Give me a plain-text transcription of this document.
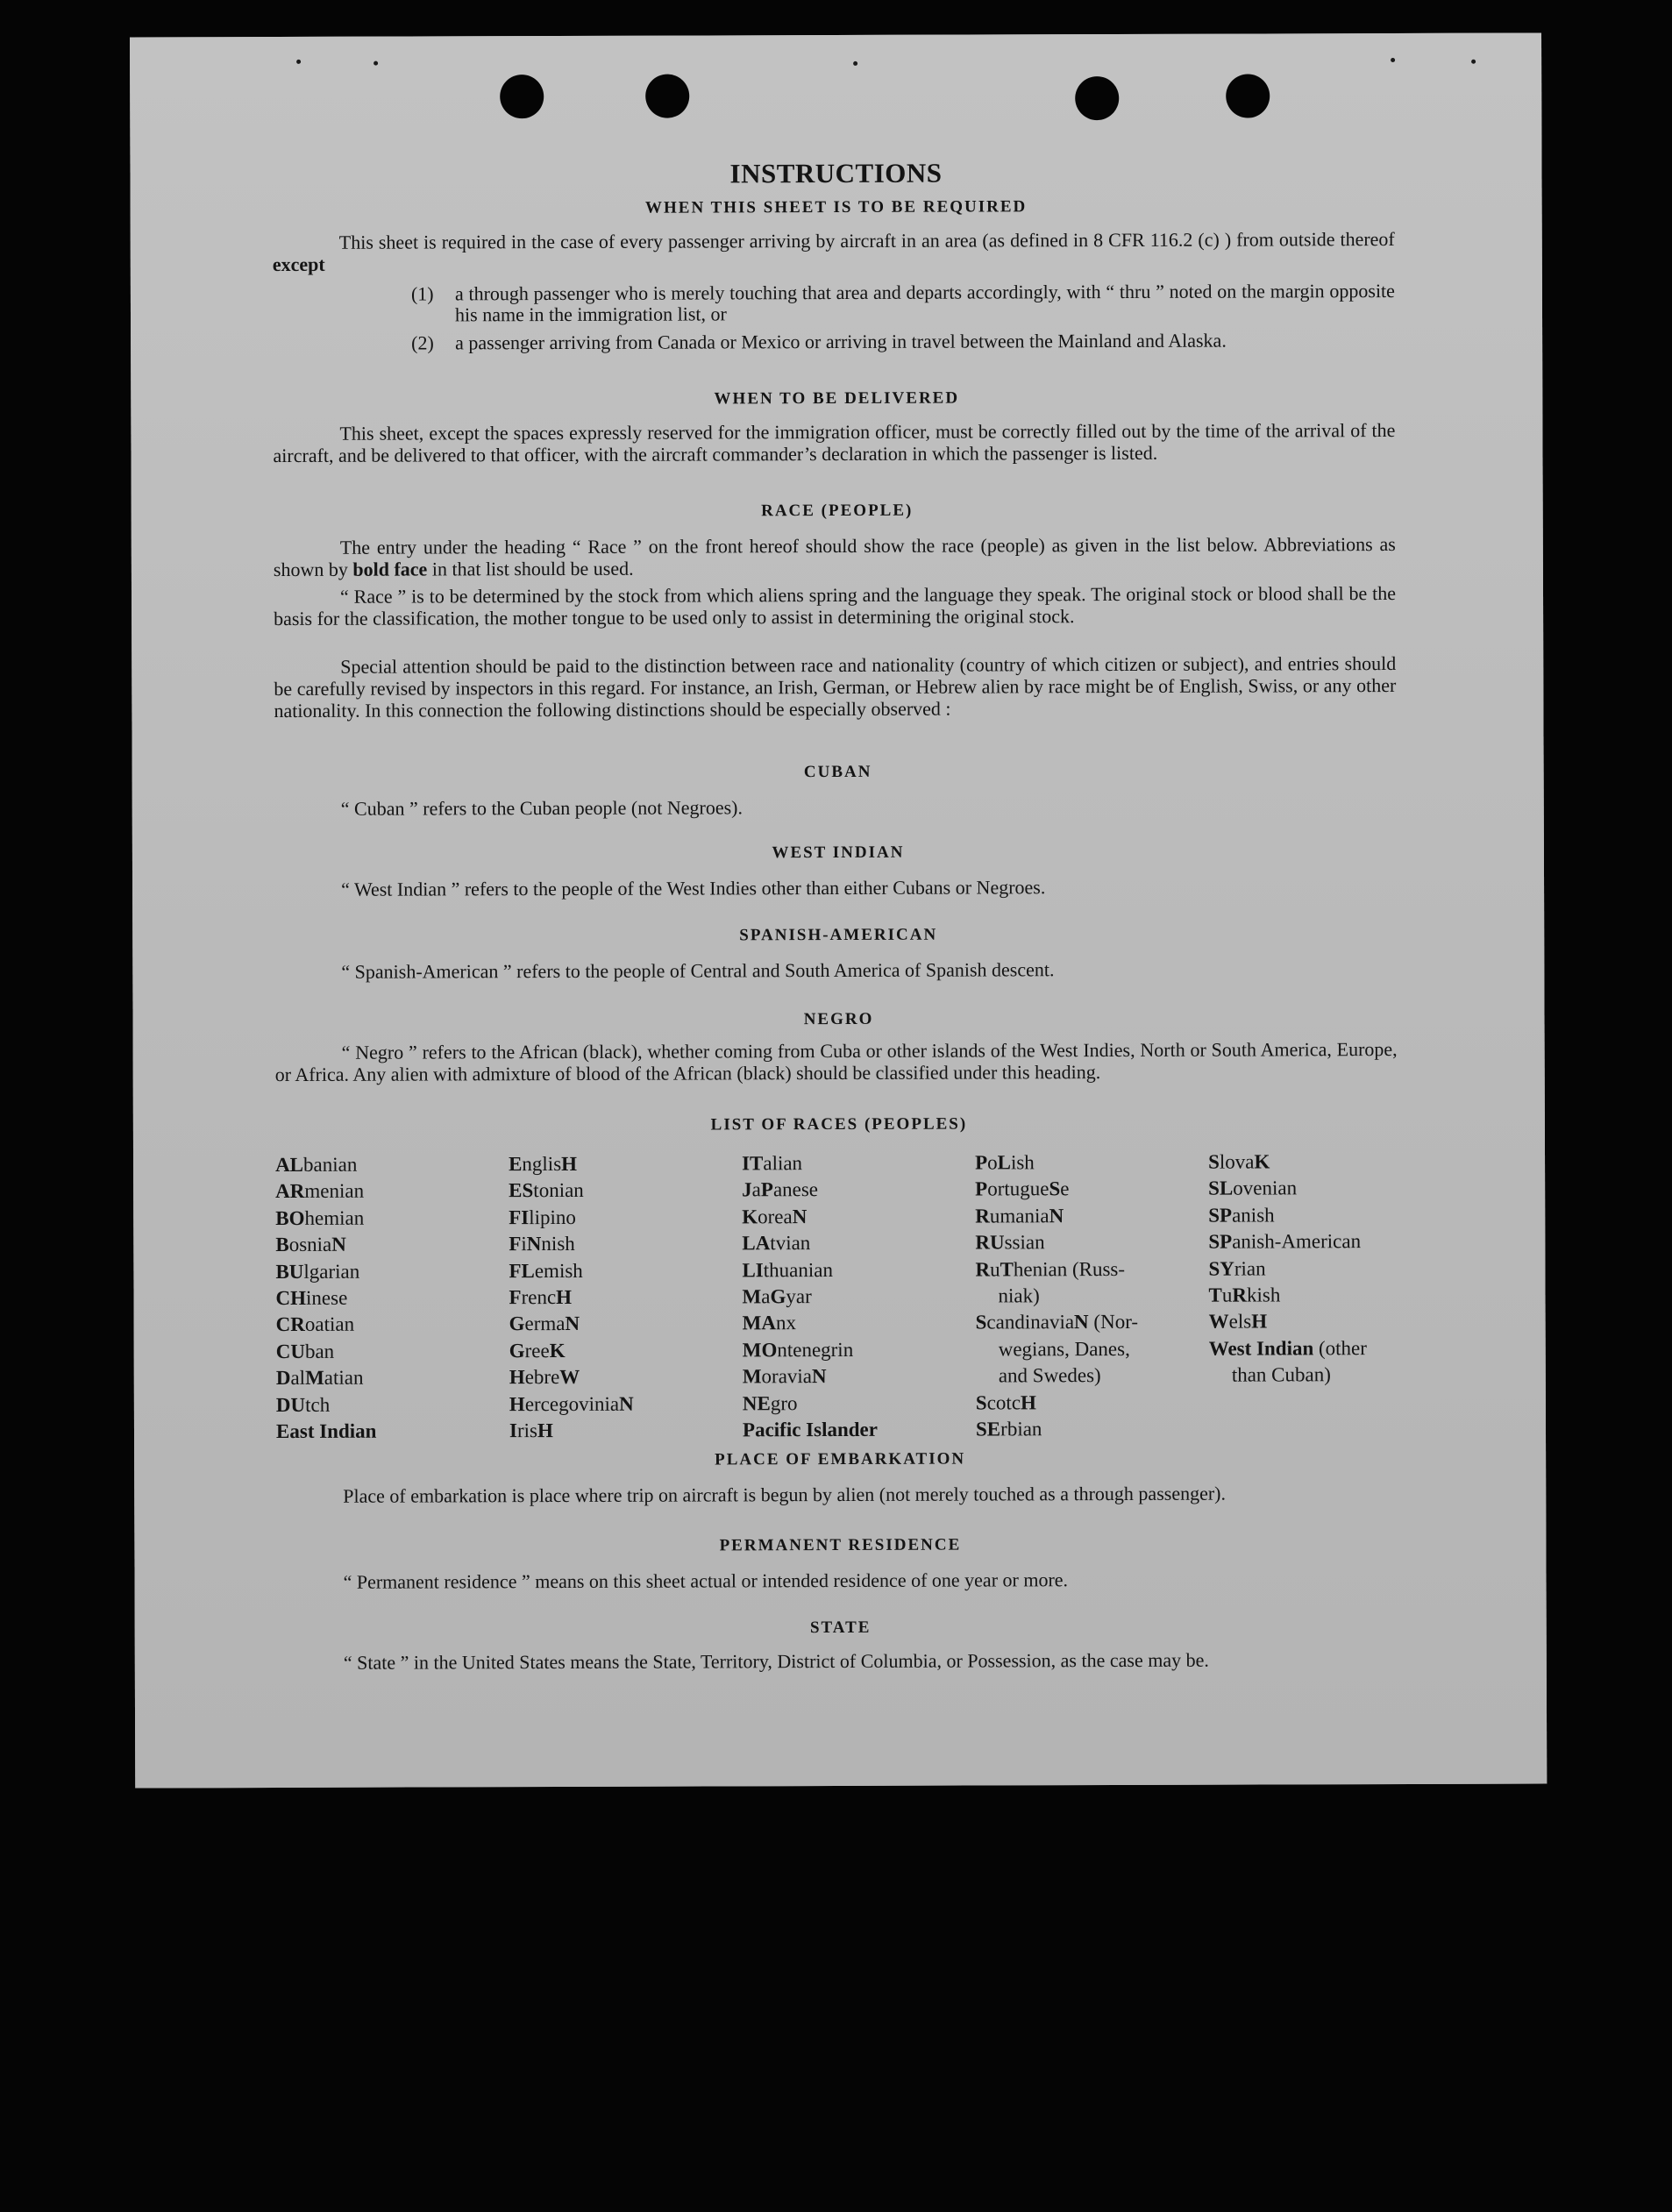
INSTRUCTIONS
WHEN THIS SHEET IS TO BE REQUIRED
This sheet is required in the case of every passenger arriving by aircraft in an area (as defined in 8 CFR 116.2 (c) ) from outside thereof except
(1) a through passenger who is merely touching that area and departs accordingly, with “ thru ” noted on the margin opposite his name in the immigration list, or
(2) a passenger arriving from Canada or Mexico or arriving in travel between the Mainland and Alaska.
WHEN TO BE DELIVERED
This sheet, except the spaces expressly reserved for the immigration officer, must be correctly filled out by the time of the arrival of the aircraft, and be delivered to that officer, with the aircraft commander’s declaration in which the passenger is listed.
RACE (PEOPLE)
The entry under the heading “ Race ” on the front hereof should show the race (people) as given in the list below. Abbreviations as shown by bold face in that list should be used.
“ Race ” is to be determined by the stock from which aliens spring and the language they speak. The original stock or blood shall be the basis for the classification, the mother tongue to be used only to assist in determining the original stock.
Special attention should be paid to the distinction between race and nationality (country of which citizen or subject), and entries should be carefully revised by inspectors in this regard. For instance, an Irish, German, or Hebrew alien by race might be of English, Swiss, or any other nationality. In this connection the following distinctions should be especially observed :
CUBAN
“ Cuban ” refers to the Cuban people (not Negroes).
WEST INDIAN
“ West Indian ” refers to the people of the West Indies other than either Cubans or Negroes.
SPANISH-AMERICAN
“ Spanish-American ” refers to the people of Central and South America of Spanish descent.
NEGRO
“ Negro ” refers to the African (black), whether coming from Cuba or other islands of the West Indies, North or South America, Europe, or Africa. Any alien with admixture of blood of the African (black) should be classified under this heading.
LIST OF RACES (PEOPLES)
ALbanian
ARmenian
BOhemian
BosniaN
BUlgarian
CHinese
CRoatian
CUban
DalMatian
DUtch
East Indian
EnglisH
EStonian
FIlipino
FiNnish
FLemish
FrencH
GermaN
GreeK
HebreW
HercegoviniaN
IrisH
ITalian
JaPanese
KoreaN
LAtvian
LIthuanian
MaGyar
MAnx
MOntenegrin
MoraviaN
NEgro
Pacific Islander
PoLish
PortugueSe
RumaniaN
RUssian
RuThenian (Russ-
niak)
ScandinaviaN (Nor-
wegians, Danes,
and Swedes)
ScotcH
SErbian
SlovaK
SLovenian
SPanish
SPanish-American
SYrian
TuRkish
WelsH
West Indian (other
than Cuban)
PLACE OF EMBARKATION
Place of embarkation is place where trip on aircraft is begun by alien (not merely touched as a through passenger).
PERMANENT RESIDENCE
“ Permanent residence ” means on this sheet actual or intended residence of one year or more.
STATE
“ State ” in the United States means the State, Territory, District of Columbia, or Possession, as the case may be.
